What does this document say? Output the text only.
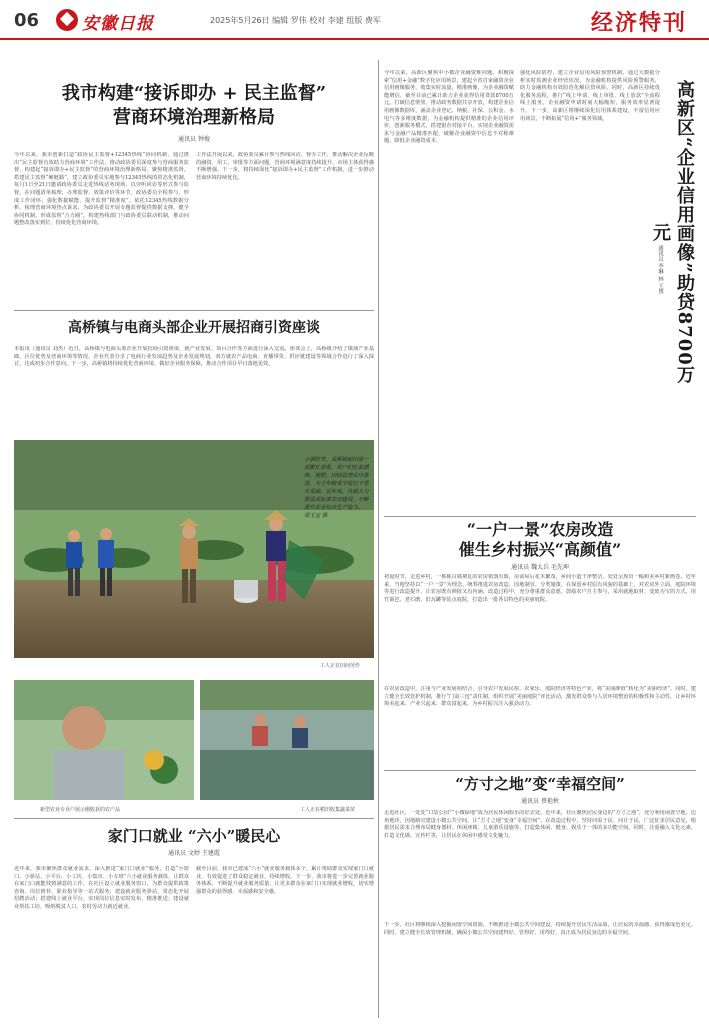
06	安徽日报	2025年5月26日 编辑 罗伟 校对 李建 组版 费军	经济特刊
我市构建“接诉即办 + 民主监督”
营商环境治理新格局
通讯员 钟俊
今年以来，我市创新打造“政协民主监督+12345热线”协同机制，通过推出“民主监督有效助力营商环境”工作法，推动政协委员深度参与营商服务监督，构建起“接诉即办+民主监督”的营商环境治理新格局。聚焦精准监督，搭建民主监督“硬链路”。建立政协委员实地参与12345热线的常态化机制，每月1日至21日邀请政协委员走进热线话务现场，以旁听回访等形式参与监督。在问题清单梳理、办理监督、效果评价等环节，政协委员全程参与，形成工作闭环。强化数据赋能，提升监督“精准度”。依托12345热线数据分析，梳理营商环境热点诉求，为政协委员开展专题监督提供数据支撑。健全协同机制，形成监督“合力圈”。构建热线部门与政协委员联动机制，推动问题整改落实到位，持续优化营商环境。
工作法开展以来，政协委员累计参与热线回访、督办工作，推动解决企业反映的融资、用工、审批等方面问题，营商环境满意度持续提升，市场主体获得感不断增强。下一步，将持续深化“接诉即办+民主监督”工作机制，进一步推动营商环境持续优化。
今年以来，高新区聚焦中小微企业融资难问题，积极探索“信用+金融”数字化应用场景，建起全省首家融资企业信用画像服务，收集实时流量，精准画像，为企业融资赋能增信，截至目前已累计助力企业获得信用贷款8700万元。打破信息壁垒，推动政务数据共享开放，构建企业信用画像数据库，涵盖企业登记、纳税、社保、公积金、水电气等多维度数据，为金融机构提供精准的企业信用评价。创新服务模式，搭建银企对接平台，实现企业融资需求与金融产品精准匹配，破解企业融资中信息不对称难题，降低企业融资成本。
强化风险防控，建立企业信用风险预警机制，通过大数据分析实时监测企业经营状况，为金融机构提供风险预警服务，助力金融机构有效防范化解信贷风险。同时，高新区持续优化服务流程，推行“线上申请、线上审批、线上放款”全流程线上服务，企业融资申请时间大幅缩短，服务效率显著提升。下一步，高新区将继续深化信用体系建设，丰富信用应用场景，不断拓展“信用+”服务领域。	高新区“企业信用画像”助贷8700万元
通讯员 李琳 林 王博
高桥镇与电商头部企业开展招商引资座谈
本报讯（通讯员 刘杰）近日，高桥镇与电商头部企业开展招商引资座谈，就产业发展、项目合作等方面进行深入交流。座谈会上，高桥镇介绍了镇域产业基础、区位优势及营商环境等情况，企业代表分享了电商行业发展趋势及企业发展规划，双方就农产品电商、直播带货、供应链建设等领域合作进行了深入探讨，达成初步合作意向。下一步，高桥镇将持续优化营商环境，做好企业服务保障，推动合作项目早日落地见效。
小满时节，高桥镇稻田里一派繁忙景象，农户们忙着插秧、施肥，田间管理有序推进，为全年粮食丰收打下坚实基础。近年来，该镇大力推进高标准农田建设，不断提升农业综合生产能力。 周玉宝 摄
工人正在田间劳作
新型农业专业户展示刚收获的农产品	工人正在稻田收集蔬菜苗
“一户一景”农房改造
催生乡村振兴“高颜值”
通讯员 魏太兵 毛先坤
初夏时节，走进乡村，一栋栋白墙黛瓦的农房错落有致，房前屋后花木繁茂，乡间小道干净整洁，处处呈现出一幅和美乡村新画卷。近年来，当地坚持以“一户一景”为理念，统筹推进农房改造，因地制宜、分类施策，在保留乡村原有风貌的基础上，对农房外立面、庭院环境等进行改造提升，让农房既有颜值又有内涵。改造过程中，充分尊重群众意愿，鼓励农户自主参与，采用就地取材、变废为宝的方式，用竹篱笆、老石磨、旧瓦罐等装点庭院，打造出一批各具特色的美丽庭院。
在农房改造中，注重与产业发展相结合，引导农户发展民宿、农家乐、庭院经济等特色产业，将“美丽颜值”转化为“美丽经济”。同时，建立健全长效管护机制，推行“门前三包”责任制，组织开展“美丽庭院”评比活动，激发群众参与人居环境整治的积极性和主动性，让乡村环境美起来、产业兴起来、群众富起来，为乡村振兴注入强劲动力。
“方寸之地”变“幸福空间”
通讯员 蔡艳秋
走进社区，一处处“口袋公园”“小微绿地”成为居民休闲娱乐的好去处。近年来，社区聚焦居民身边的“方寸之地”，充分利用闲置空地、边角地块，因地制宜建设小微公共空间，让“方寸之地”变身“幸福空间”。在改造过程中，坚持问需于民、问计于民，广泛征求居民意见，根据居民需求合理布局健身器材、休闲座椅、儿童游乐设施等，打造集休闲、健身、娱乐于一体的多功能空间。同时，注重融入文化元素，打造文化墙、宣传栏等，让居民在休闲中感受文化魅力。
下一步，社区将继续深入挖掘闲置空间资源，不断推进小微公共空间建设，持续提升居民生活品质，让居民的幸福感、获得感成色更足。同时，建立健全长效管理机制，确保小微公共空间建得好、管得好、用得好，真正成为居民身边的幸福空间。
家门口就业 “六小”暖民心
通讯员 文婷 王建霞
近年来，我市聚焦群众就业需求，深入推进“家门口就业”服务，打造“小窗口、小驿站、小平台、小工坊、小集市、小专班”六小就业服务载体，让群众在家门口就能找到满意的工作。在社区设立就业服务窗口，为群众提供政策咨询、岗位推荐、职业指导等一站式服务；建设就业服务驿站，常态化开展招聘活动；搭建线上就业平台，实现岗位信息实时发布、精准推送；建设就业帮扶工坊，吸纳脱贫人口、农村劳动力就近就业。
截至目前，我市已建成“六小”就业服务载体多个，累计帮助群众实现家门口就业，有效促进了群众稳定就业、持续增收。下一步，我市将进一步完善就业服务体系，不断提升就业服务质量，让更多群众在家门口实现就业增收，切实增强群众的获得感、幸福感和安全感。
